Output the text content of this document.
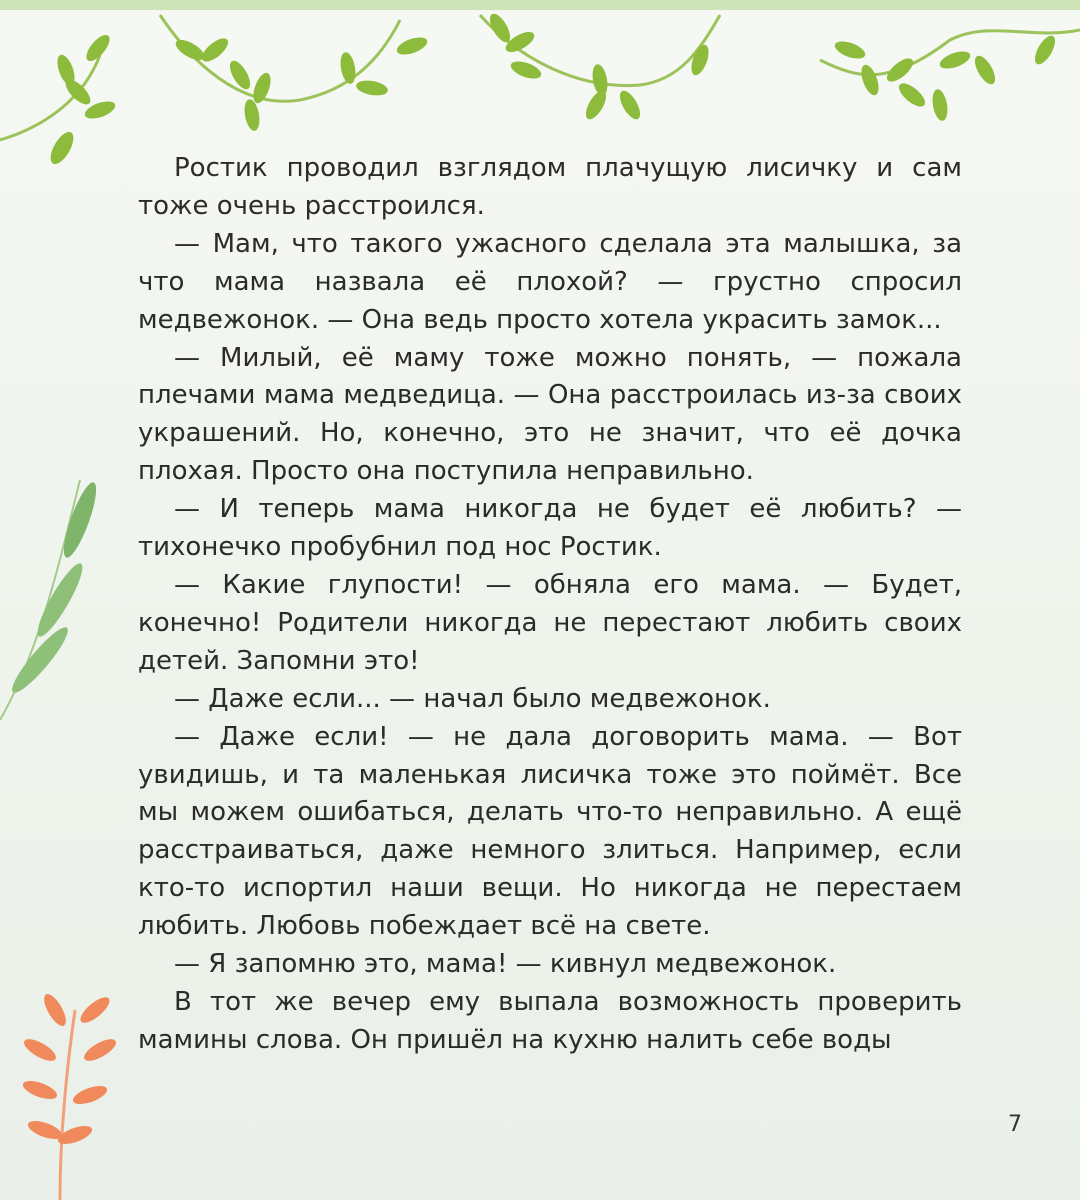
Ростик проводил взглядом плачущую лисичку и сам тоже очень расстроился.

— Мам, что такого ужасного сделала эта малышка, за что мама назвала её плохой? — грустно спросил медвежонок. — Она ведь просто хотела украсить замок...

— Милый, её маму тоже можно понять, — пожала плечами мама медведица. — Она расстроилась из-за своих украшений. Но, конечно, это не значит, что её дочка плохая. Просто она поступила неправильно.

— И теперь мама никогда не будет её любить? — тихонечко пробубнил под нос Ростик.

— Какие глупости! — обняла его мама. — Будет, конечно! Родители никогда не перестают любить своих детей. Запомни это!

— Даже если... — начал было медвежонок.

— Даже если! — не дала договорить мама. — Вот увидишь, и та маленькая лисичка тоже это поймёт. Все мы можем ошибаться, делать что-то неправильно. А ещё расстраиваться, даже немного злиться. Например, если кто-то испортил наши вещи. Но никогда не перестаем любить. Любовь побеждает всё на свете.

— Я запомню это, мама! — кивнул медвежонок.

В тот же вечер ему выпала возможность проверить мамины слова. Он пришёл на кухню налить себе воды

7
